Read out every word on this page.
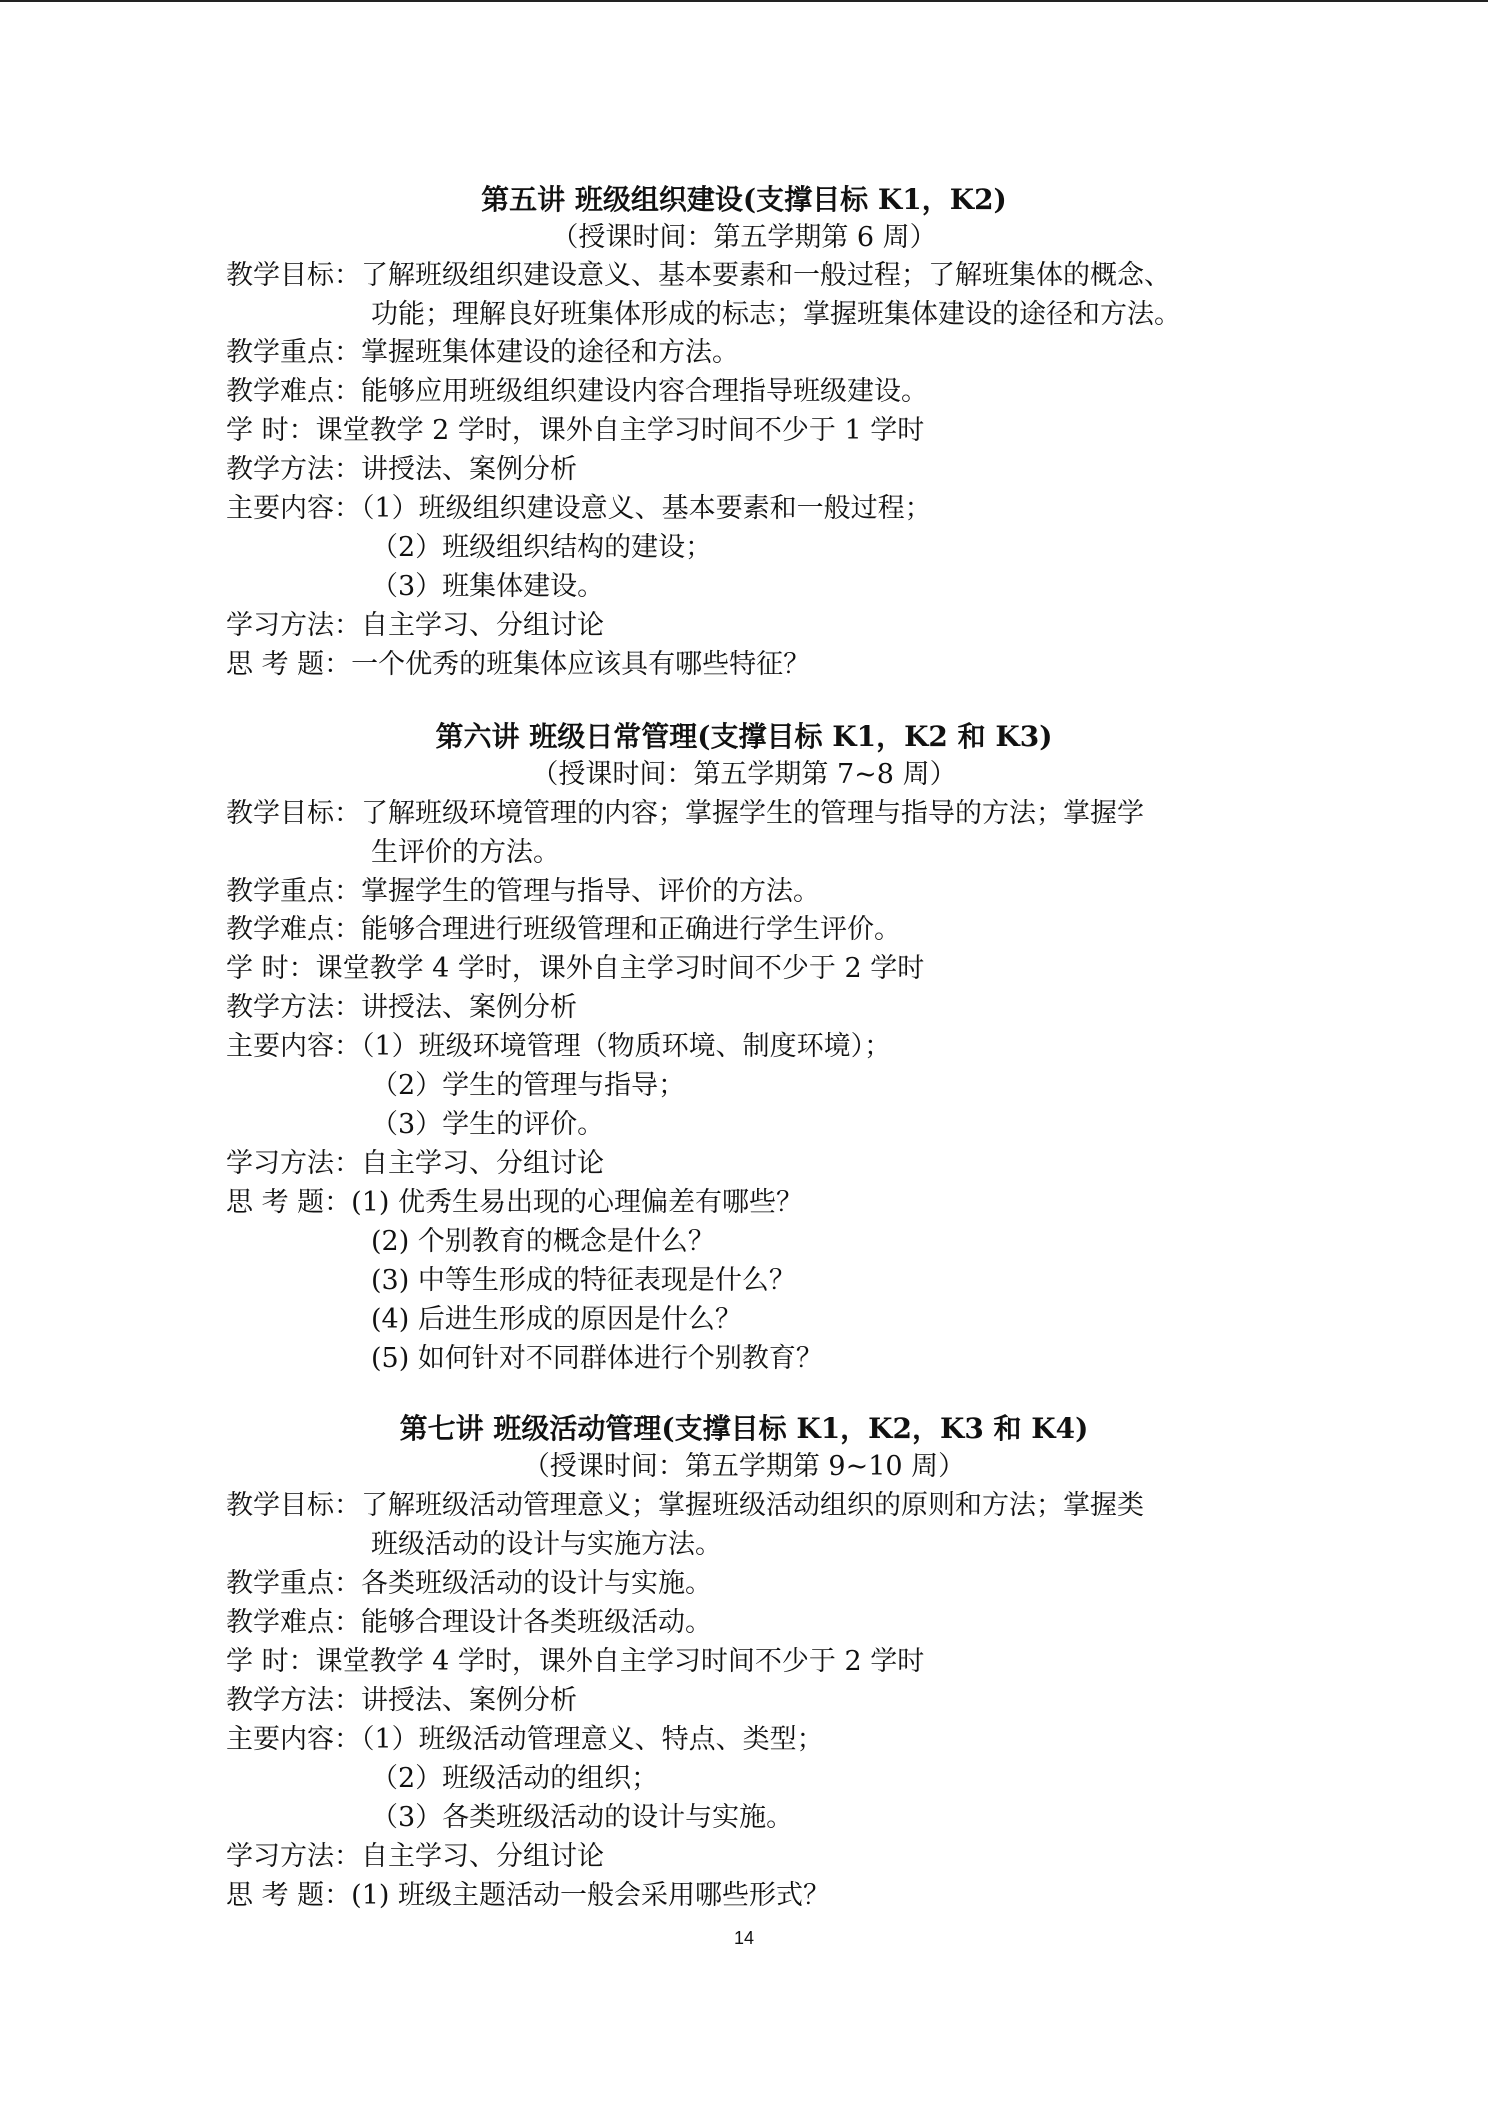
第五讲 班级组织建设(支撑目标 K1，K2)
（授课时间：第五学期第 6 周）
教学目标：了解班级组织建设意义、基本要素和一般过程；了解班集体的概念、
功能；理解良好班集体形成的标志；掌握班集体建设的途径和方法。
教学重点：掌握班集体建设的途径和方法。
教学难点：能够应用班级组织建设内容合理指导班级建设。
学 时：课堂教学 2 学时，课外自主学习时间不少于 1 学时
教学方法：讲授法、案例分析
主要内容：（1）班级组织建设意义、基本要素和一般过程；
（2）班级组织结构的建设；
（3）班集体建设。
学习方法：自主学习、分组讨论
思 考 题：一个优秀的班集体应该具有哪些特征？
第六讲 班级日常管理(支撑目标 K1，K2 和 K3)
（授课时间：第五学期第 7~8 周）
教学目标：了解班级环境管理的内容；掌握学生的管理与指导的方法；掌握学
生评价的方法。
教学重点：掌握学生的管理与指导、评价的方法。
教学难点：能够合理进行班级管理和正确进行学生评价。
学 时：课堂教学 4 学时，课外自主学习时间不少于 2 学时
教学方法：讲授法、案例分析
主要内容：（1）班级环境管理（物质环境、制度环境）；
（2）学生的管理与指导；
（3）学生的评价。
学习方法：自主学习、分组讨论
思 考 题：(1) 优秀生易出现的心理偏差有哪些？
(2) 个别教育的概念是什么？
(3) 中等生形成的特征表现是什么？
(4) 后进生形成的原因是什么？
(5) 如何针对不同群体进行个别教育？
第七讲 班级活动管理(支撑目标 K1，K2，K3 和 K4)
（授课时间：第五学期第 9~10 周）
教学目标：了解班级活动管理意义；掌握班级活动组织的原则和方法；掌握类
班级活动的设计与实施方法。
教学重点：各类班级活动的设计与实施。
教学难点：能够合理设计各类班级活动。
学 时：课堂教学 4 学时，课外自主学习时间不少于 2 学时
教学方法：讲授法、案例分析
主要内容：（1）班级活动管理意义、特点、类型；
（2）班级活动的组织；
（3）各类班级活动的设计与实施。
学习方法：自主学习、分组讨论
思 考 题：(1) 班级主题活动一般会采用哪些形式？
14
